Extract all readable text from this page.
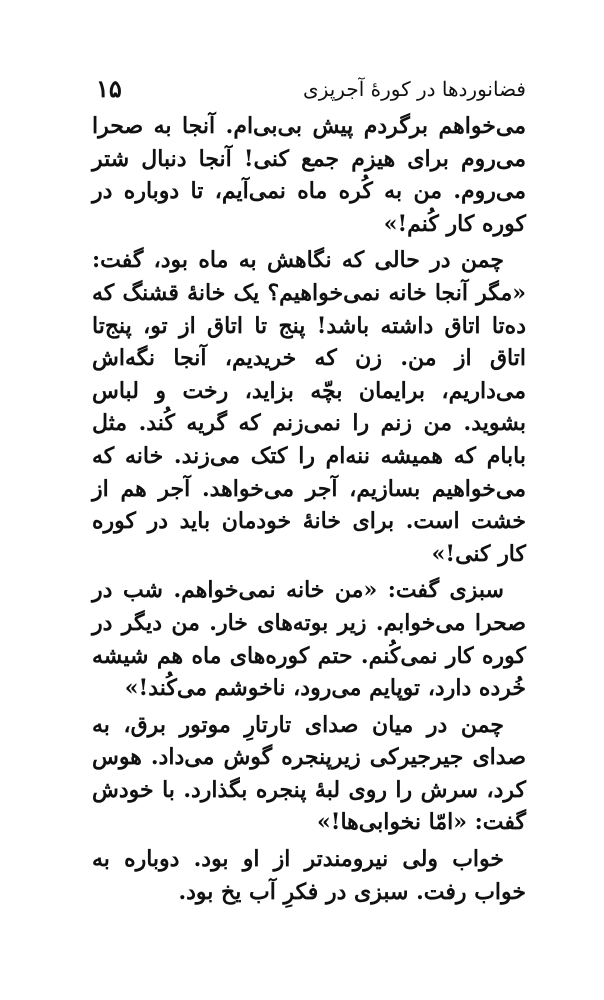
فضانوردها در کورهٔ آجرپزی
۱۵

می‌خواهم برگردم پیش بی‌بی‌ام. آنجا به صحرا می‌روم برای هیزم جمع کنی! آنجا دنبال شتر می‌روم. من به کُره ماه نمی‌آیم، تا دوباره در کوره کار کُنم!»

چمن در حالی که نگاهش به ماه بود، گفت: «مگر آنجا خانه نمی‌خواهیم؟ یک خانهٔ قشنگ که ده‌تا اتاق داشته باشد! پنج تا اتاق از تو، پنج‌تا اتاق از من. زن که خریدیم، آنجا نگه‌اش می‌داریم، برایمان بچّه بزاید، رخت و لباس بشوید. من زنم را نمی‌زنم که گریه کُند. مثل بابام که همیشه ننه‌ام را کتک می‌زند. خانه که می‌خواهیم بسازیم، آجر می‌خواهد. آجر هم از خشت است. برای خانهٔ خودمان باید در کوره کار کنی!»

سبزی گفت: «من خانه نمی‌خواهم. شب در صحرا می‌خوابم. زیر بوته‌های خار. من دیگر در کوره کار نمی‌کُنم. حتم کوره‌های ماه هم شیشه خُرده دارد، توپایم می‌رود، ناخوشم می‌کُند!»

چمن در میان صدای تارتارِ موتور برق، به صدای جیرجیرکی زیرپنجره گوش می‌داد. هوس کرد، سرش را روی لبهٔ پنجره بگذارد. با خودش گفت: «امّا نخوابی‌ها!»

خواب ولی نیرومندتر از او بود. دوباره به خواب رفت. سبزی در فکرِ آب یخ بود.
